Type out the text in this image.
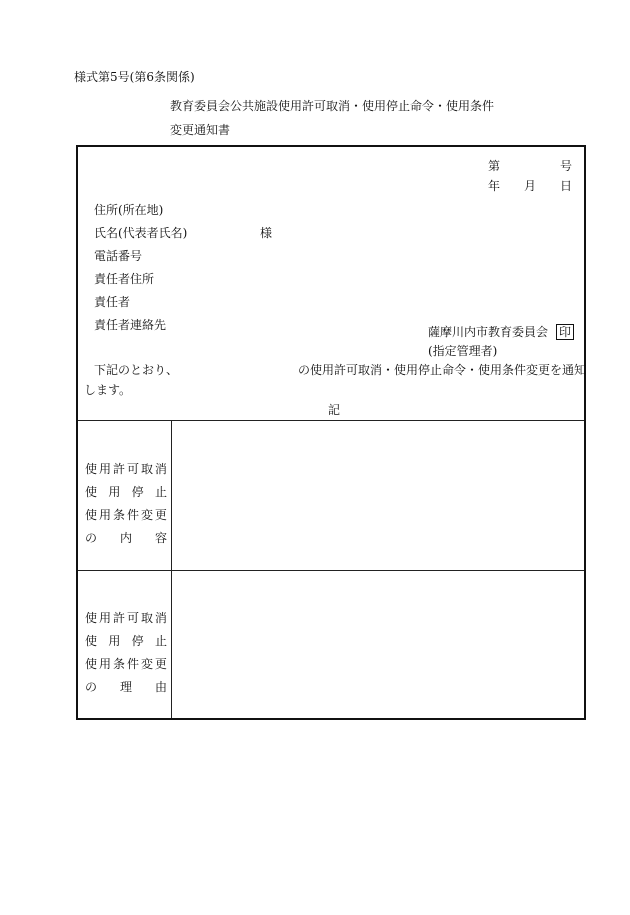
様式第5号(第6条関係)
教育委員会公共施設使用許可取消・使用停止命令・使用条件
変更通知書
第	号
年 月 日
住所(所在地)
氏名(代表者氏名)
電話番号
責任者住所
責任者
責任者連絡先
様
薩摩川内市教育委員会 印
(指定管理者)
下記のとおり、	の使用許可取消・使用停止命令・使用条件変更を通知
します。
記
使 用 許 可 取 消
使 用 停 止
使 用 条 件 変 更
の 内 容
使 用 許 可 取 消
使 用 停 止
使 用 条 件 変 更
の 理 由
